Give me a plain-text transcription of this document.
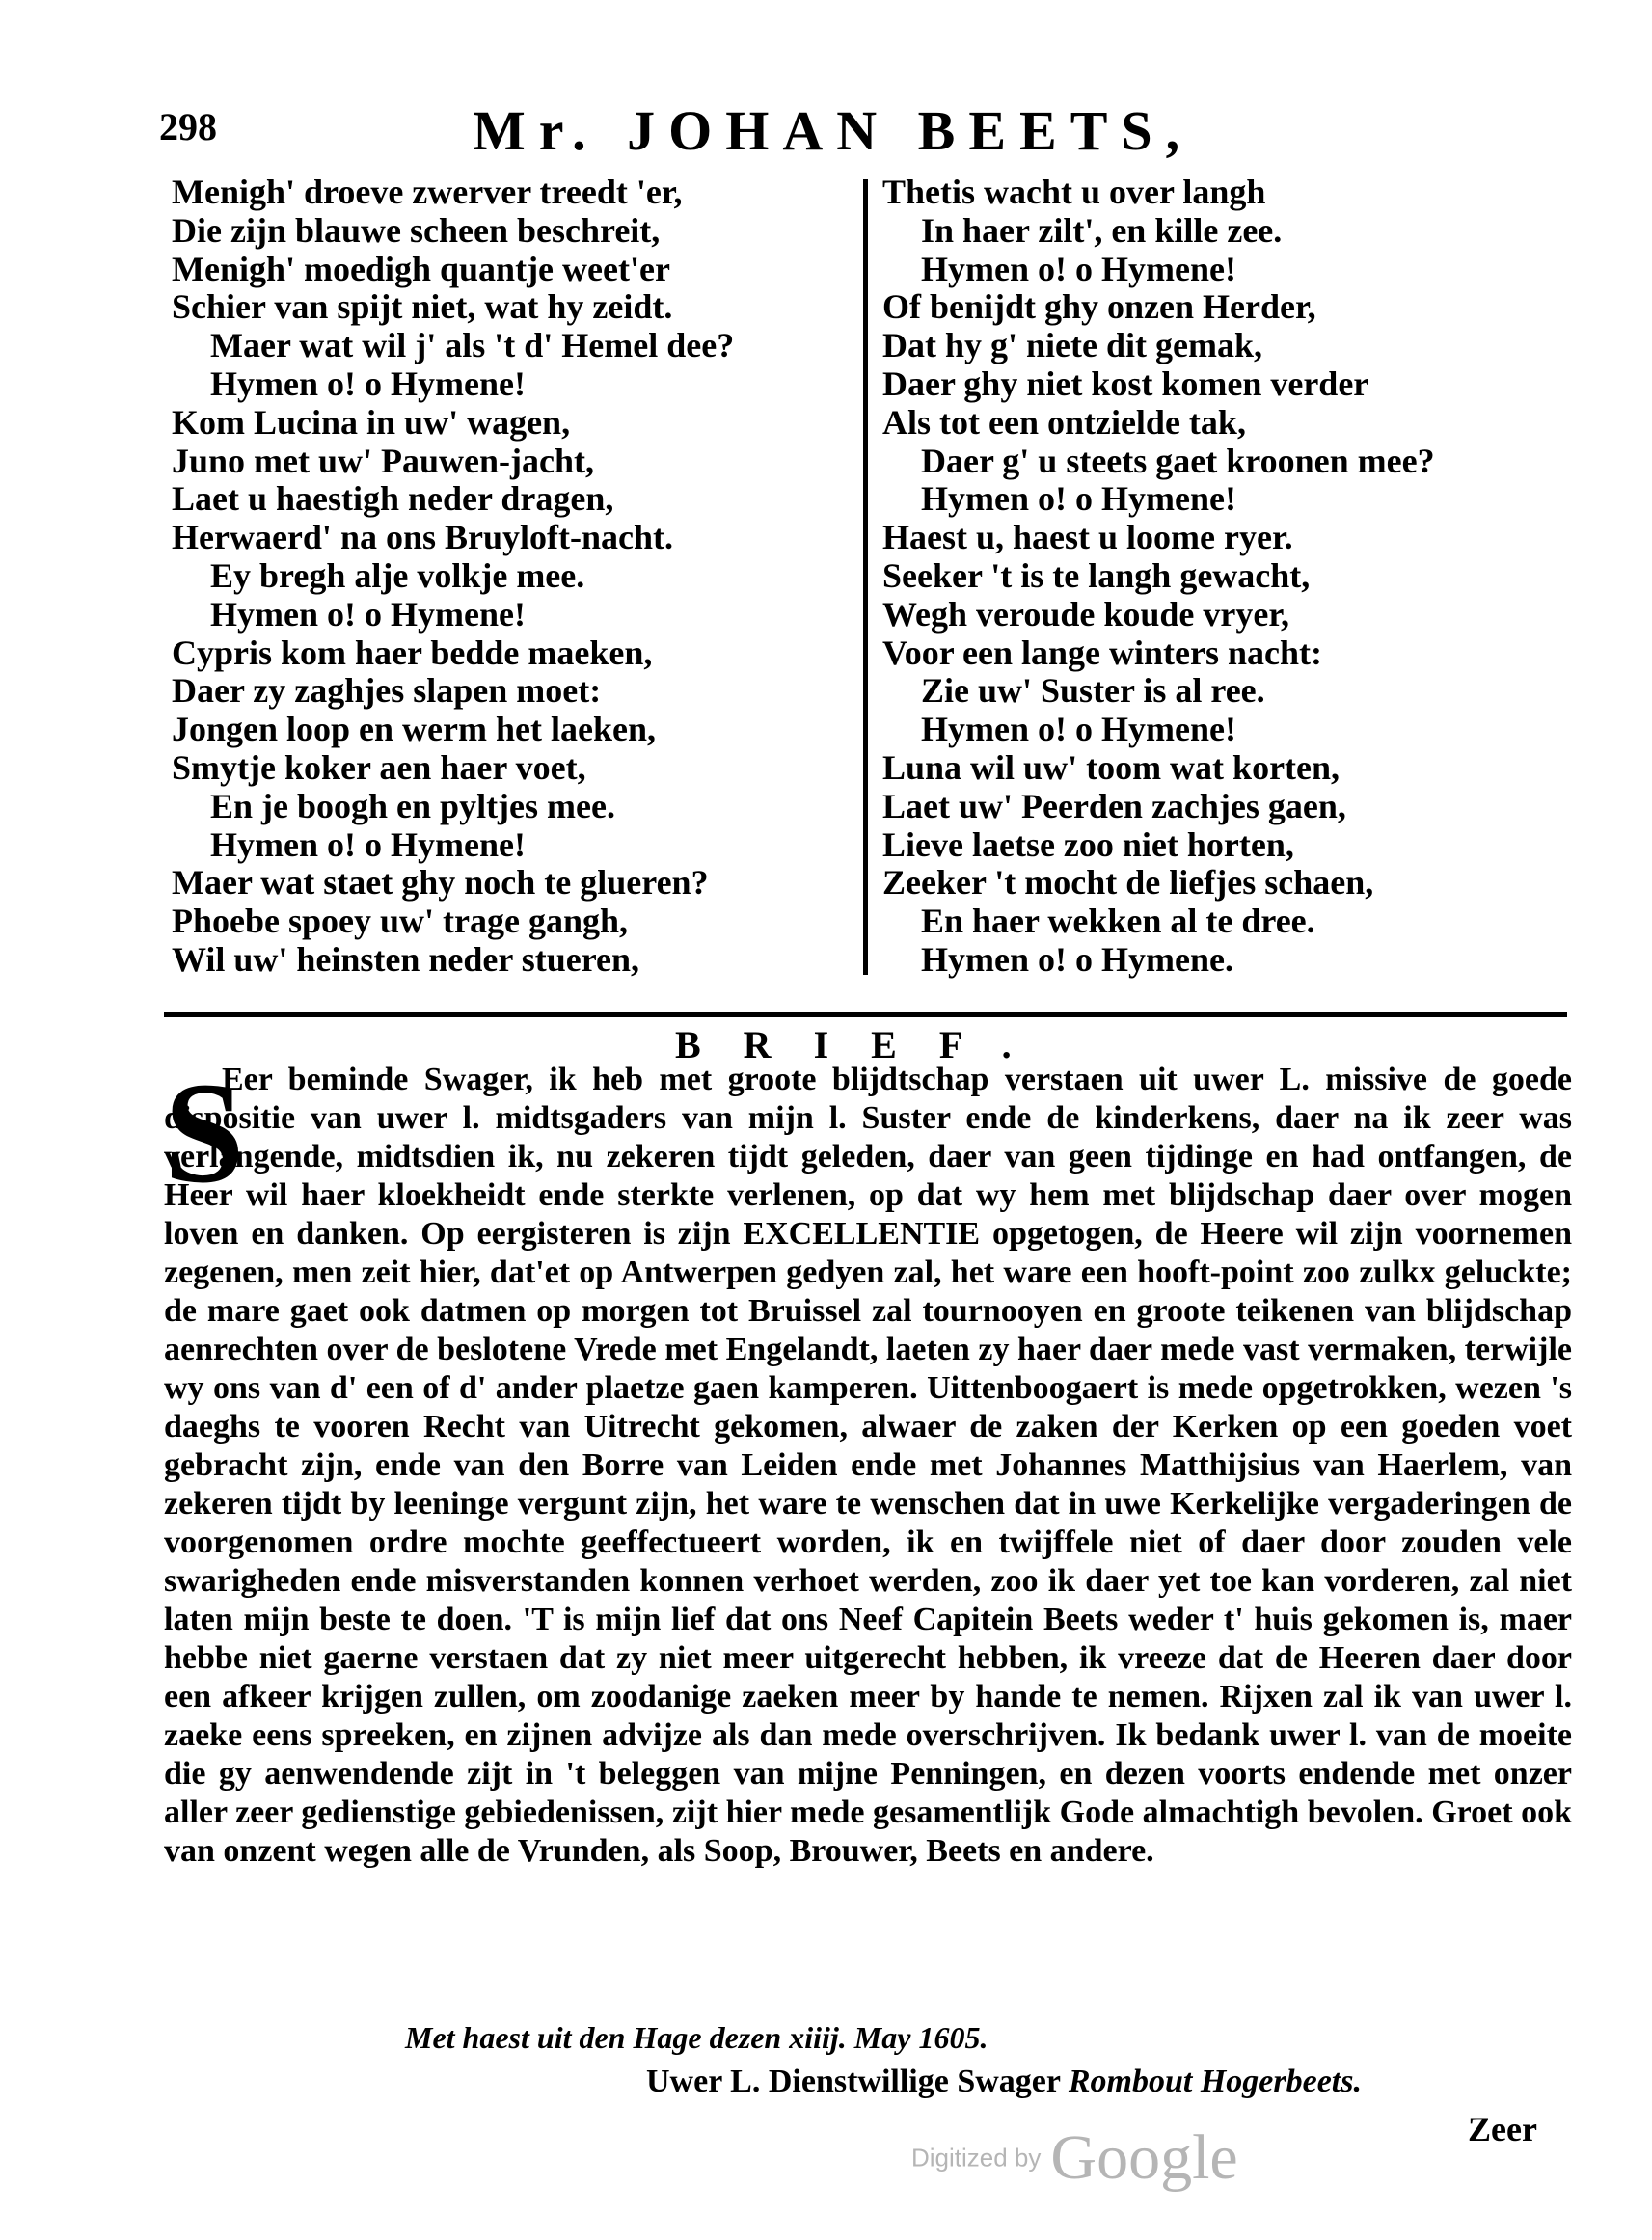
298	Mr. JOHAN BEETS,
Menigh' droeve zwerver treedt 'er,
Die zijn blauwe scheen beschreit,
Menigh' moedigh quantje weet'er
Schier van spijt niet, wat hy zeidt.
Maer wat wil j' als 't d' Hemel dee?
Hymen o! o Hymene!
Kom Lucina in uw' wagen,
Juno met uw' Pauwen-jacht,
Laet u haestigh neder dragen,
Herwaerd' na ons Bruyloft-nacht.
Ey bregh alje volkje mee.
Hymen o! o Hymene!
Cypris kom haer bedde maeken,
Daer zy zaghjes slapen moet:
Jongen loop en werm het laeken,
Smytje koker aen haer voet,
En je boogh en pyltjes mee.
Hymen o! o Hymene!
Maer wat staet ghy noch te glueren?
Phoebe spoey uw' trage gangh,
Wil uw' heinsten neder stueren,
Thetis wacht u over langh
In haer zilt', en kille zee.
Hymen o! o Hymene!
Of benijdt ghy onzen Herder,
Dat hy g' niete dit gemak,
Daer ghy niet kost komen verder
Als tot een ontzielde tak,
Daer g' u steets gaet kroonen mee?
Hymen o! o Hymene!
Haest u, haest u loome ryer.
Seeker 't is te langh gewacht,
Wegh veroude koude vryer,
Voor een lange winters nacht:
Zie uw' Suster is al ree.
Hymen o! o Hymene!
Luna wil uw' toom wat korten,
Laet uw' Peerden zachjes gaen,
Lieve laetse zoo niet horten,
Zeeker 't mocht de liefjes schaen,
En haer wekken al te dree.
Hymen o! o Hymene.
BRIEF.
S
Eer beminde Swager, ik heb met groote blijdtschap verstaen uit uwer L. missive de goede dispositie van uwer l. midtsgaders van mijn l. Suster ende de kinderkens, daer na ik zeer was verlangende, midtsdien ik, nu zekeren tijdt geleden, daer van geen tijdinge en had ontfangen, de Heer wil haer kloekheidt ende sterkte verlenen, op dat wy hem met blijdschap daer over mogen loven en danken. Op eergisteren is zijn EXCELLENTIE opgetogen, de Heere wil zijn voornemen zegenen, men zeit hier, dat'et op Antwerpen gedyen zal, het ware een hooft-point zoo zulkx geluckte; de mare gaet ook datmen op morgen tot Bruissel zal tournooyen en groote teikenen van blijdschap aenrechten over de beslotene Vrede met Engelandt, laeten zy haer daer mede vast vermaken, terwijle wy ons van d' een of d' ander plaetze gaen kamperen. Uittenboogaert is mede opgetrokken, wezen 's daeghs te vooren Recht van Uitrecht gekomen, alwaer de zaken der Kerken op een goeden voet gebracht zijn, ende van den Borre van Leiden ende met Johannes Matthijsius van Haerlem, van zekeren tijdt by leeninge vergunt zijn, het ware te wenschen dat in uwe Kerkelijke vergaderingen de voorgenomen ordre mochte geeffectueert worden, ik en twijffele niet of daer door zouden vele swarigheden ende misverstanden konnen verhoet werden, zoo ik daer yet toe kan vorderen, zal niet laten mijn beste te doen. 'T is mijn lief dat ons Neef Capitein Beets weder t' huis gekomen is, maer hebbe niet gaerne verstaen dat zy niet meer uitgerecht hebben, ik vreeze dat de Heeren daer door een afkeer krijgen zullen, om zoodanige zaeken meer by hande te nemen. Rijxen zal ik van uwer l. zaeke eens spreeken, en zijnen advijze als dan mede overschrijven. Ik bedank uwer l. van de moeite die gy aenwendende zijt in 't beleggen van mijne Penningen, en dezen voorts endende met onzer aller zeer gedienstige gebiedenissen, zijt hier mede gesamentlijk Gode almachtigh bevolen. Groet ook van onzent wegen alle de Vrunden, als Soop, Brouwer, Beets en andere.
Met haest uit den Hage dezen xiiij. May 1605.
Uwer L. Dienstwillige Swager Rombout Hogerbeets.
Zeer
Digitized by Google
